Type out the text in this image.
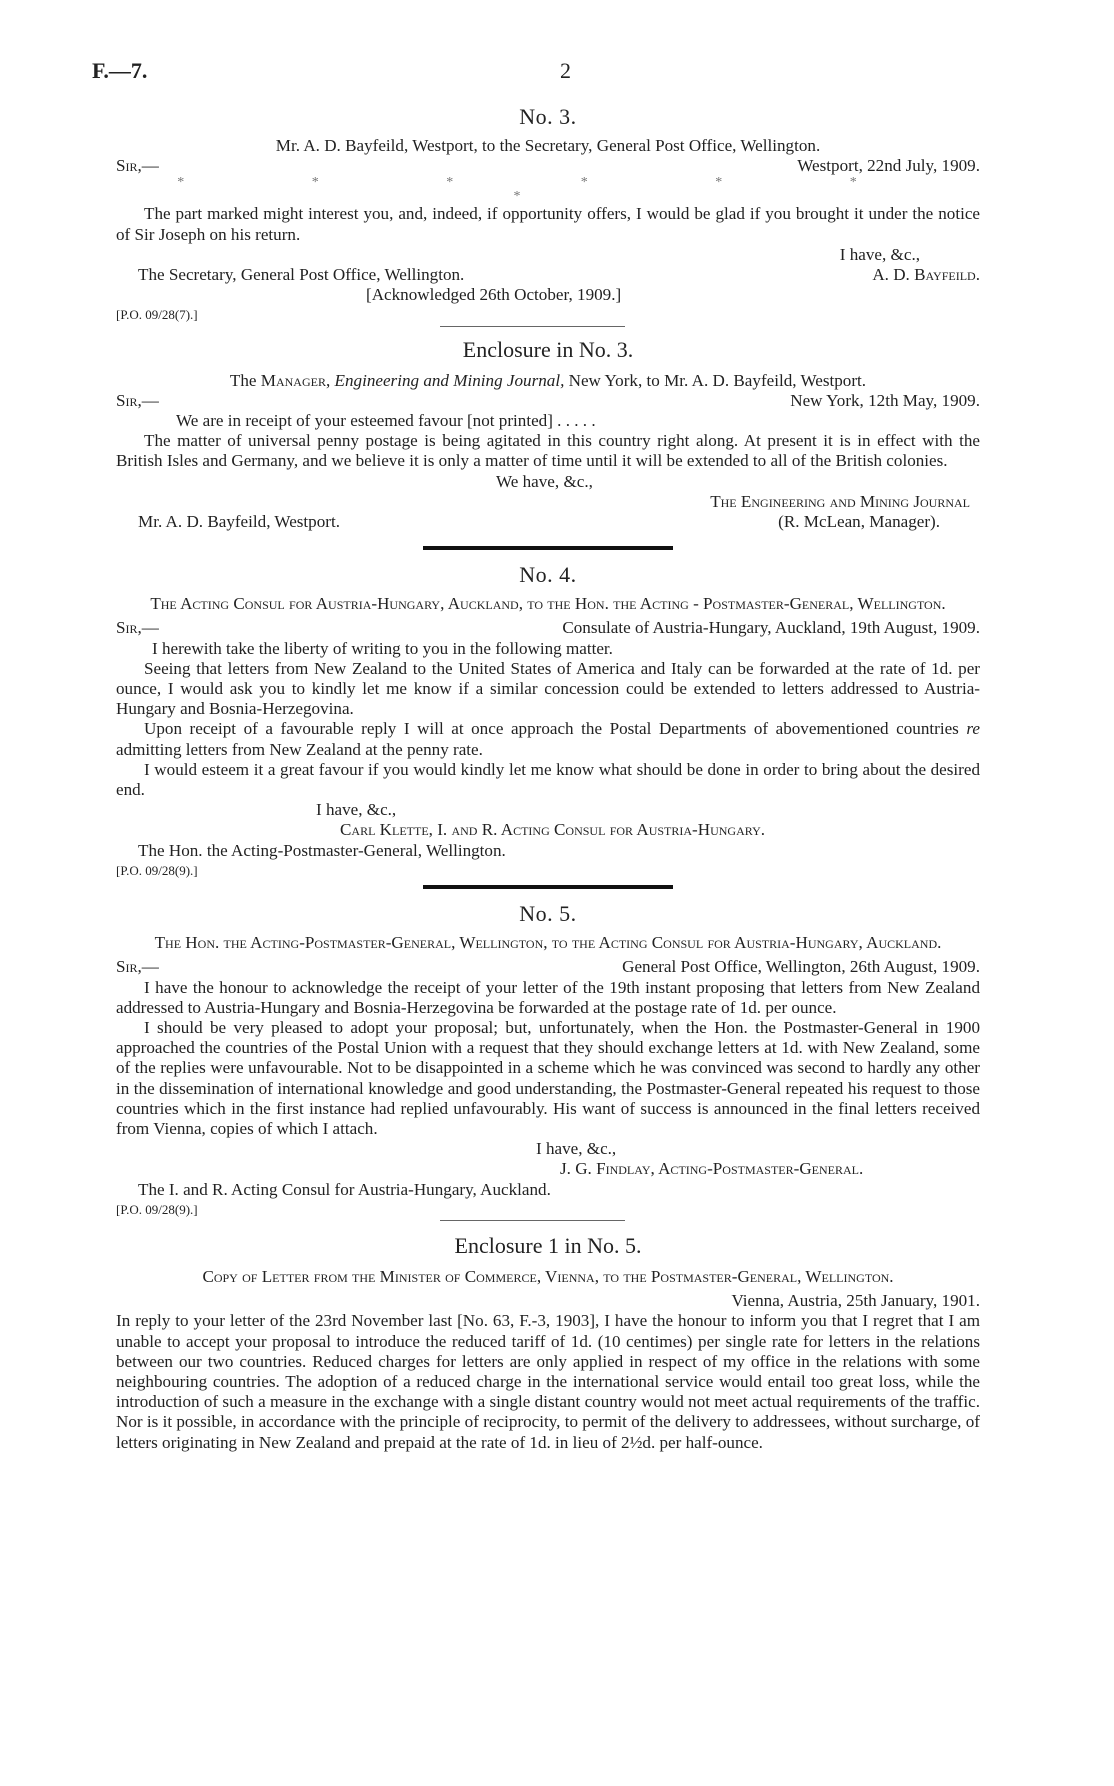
F.—7.	2
No. 3.
Mr. A. D. Bayfeild, Westport, to the Secretary, General Post Office, Wellington.
Sir,—	Westport, 22nd July, 1909.
* * * * * * *

The part marked might interest you, and, indeed, if opportunity offers, I would be glad if you brought it under the notice of Sir Joseph on his return.

I have, &c.,
The Secretary, General Post Office, Wellington.	A. D. Bayfeild.
[Acknowledged 26th October, 1909.]
[P.O. 09/28(7).]
Enclosure in No. 3.
The Manager, Engineering and Mining Journal, New York, to Mr. A. D. Bayfeild, Westport.
Sir,—	New York, 12th May, 1909.

We are in receipt of your esteemed favour [not printed] . . . . .

The matter of universal penny postage is being agitated in this country right along. At present it is in effect with the British Isles and Germany, and we believe it is only a matter of time until it will be extended to all of the British colonies.

We have, &c.,
The Engineering and Mining Journal
Mr. A. D. Bayfeild, Westport.	(R. McLean, Manager).
No. 4.
The Acting Consul for Austria-Hungary, Auckland, to the Hon. the Acting - Postmaster-General, Wellington.
Sir,—	Consulate of Austria-Hungary, Auckland, 19th August, 1909.

I herewith take the liberty of writing to you in the following matter.

Seeing that letters from New Zealand to the United States of America and Italy can be forwarded at the rate of 1d. per ounce, I would ask you to kindly let me know if a similar concession could be extended to letters addressed to Austria-Hungary and Bosnia-Herzegovina.

Upon receipt of a favourable reply I will at once approach the Postal Departments of abovementioned countries re admitting letters from New Zealand at the penny rate.

I would esteem it a great favour if you would kindly let me know what should be done in order to bring about the desired end.

I have, &c.,
Carl Klette, I. and R. Acting Consul for Austria-Hungary.
The Hon. the Acting-Postmaster-General, Wellington.
[P.O. 09/28(9).]
No. 5.
The Hon. the Acting-Postmaster-General, Wellington, to the Acting Consul for Austria-Hungary, Auckland.
Sir,—	General Post Office, Wellington, 26th August, 1909.

I have the honour to acknowledge the receipt of your letter of the 19th instant proposing that letters from New Zealand addressed to Austria-Hungary and Bosnia-Herzegovina be forwarded at the postage rate of 1d. per ounce.

I should be very pleased to adopt your proposal; but, unfortunately, when the Hon. the Postmaster-General in 1900 approached the countries of the Postal Union with a request that they should exchange letters at 1d. with New Zealand, some of the replies were unfavourable. Not to be disappointed in a scheme which he was convinced was second to hardly any other in the dissemination of international knowledge and good understanding, the Postmaster-General repeated his request to those countries which in the first instance had replied unfavourably. His want of success is announced in the final letters received from Vienna, copies of which I attach.

I have, &c.,
J. G. Findlay, Acting-Postmaster-General.
The I. and R. Acting Consul for Austria-Hungary, Auckland.
[P.O. 09/28(9).]
Enclosure 1 in No. 5.
Copy of Letter from the Minister of Commerce, Vienna, to the Postmaster-General, Wellington.
Vienna, Austria, 25th January, 1901.

In reply to your letter of the 23rd November last [No. 63, F.-3, 1903], I have the honour to inform you that I regret that I am unable to accept your proposal to introduce the reduced tariff of 1d. (10 centimes) per single rate for letters in the relations between our two countries. Reduced charges for letters are only applied in respect of my office in the relations with some neighbouring countries. The adoption of a reduced charge in the international service would entail too great loss, while the introduction of such a measure in the exchange with a single distant country would not meet actual requirements of the traffic. Nor is it possible, in accordance with the principle of reciprocity, to permit of the delivery to addressees, without surcharge, of letters originating in New Zealand and prepaid at the rate of 1d. in lieu of 2½d. per half-ounce.
